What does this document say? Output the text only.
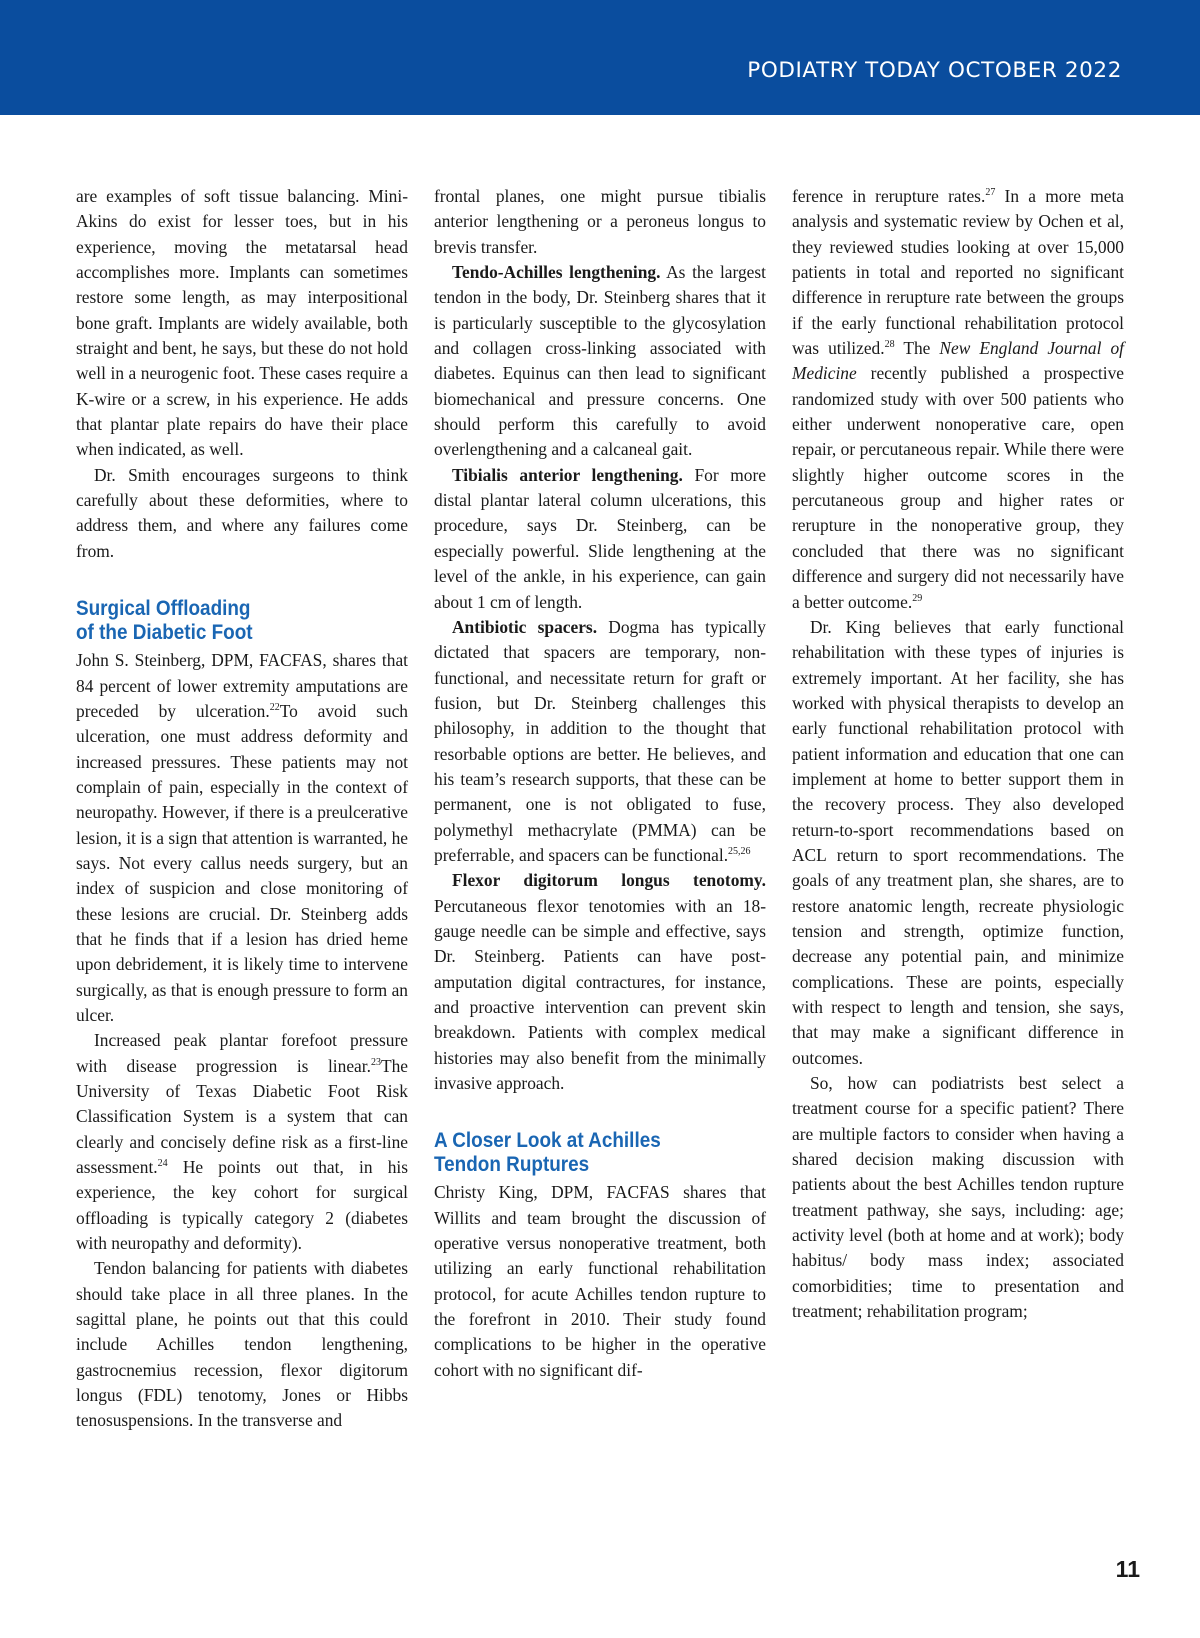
PODIATRY TODAY OCTOBER 2022

are examples of soft tissue balancing. Mini-Akins do exist for lesser toes, but in his experience, moving the metatarsal head accomplishes more. Implants can sometimes restore some length, as may interpositional bone graft. Implants are widely available, both straight and bent, he says, but these do not hold well in a neurogenic foot. These cases require a K-wire or a screw, in his experience. He adds that plantar plate repairs do have their place when indicated, as well.

Dr. Smith encourages surgeons to think carefully about these deformities, where to address them, and where any failures come from.

Surgical Offloading
of the Diabetic Foot

John S. Steinberg, DPM, FACFAS, shares that 84 percent of lower extremity amputations are preceded by ulceration.$^{22}$To avoid such ulceration, one must address deformity and increased pressures. These patients may not complain of pain, especially in the context of neuropathy. However, if there is a preulcerative lesion, it is a sign that attention is warranted, he says. Not every callus needs surgery, but an index of suspicion and close monitoring of these lesions are crucial. Dr. Steinberg adds that he finds that if a lesion has dried heme upon debridement, it is likely time to intervene surgically, as that is enough pressure to form an ulcer.

Increased peak plantar forefoot pressure with disease progression is linear.$^{23}$The University of Texas Diabetic Foot Risk Classification System is a system that can clearly and concisely define risk as a first-line assessment.$^{24}$ He points out that, in his experience, the key cohort for surgical offloading is typically category 2 (diabetes with neuropathy and deformity).

Tendon balancing for patients with diabetes should take place in all three planes. In the sagittal plane, he points out that this could include Achilles tendon lengthening, gastrocnemius recession, flexor digitorum longus (FDL) tenotomy, Jones or Hibbs tenosuspensions. In the transverse and

frontal planes, one might pursue tibialis anterior lengthening or a peroneus longus to brevis transfer.

Tendo-Achilles lengthening. As the largest tendon in the body, Dr. Steinberg shares that it is particularly susceptible to the glycosylation and collagen cross-linking associated with diabetes. Equinus can then lead to significant biomechanical and pressure concerns. One should perform this carefully to avoid overlengthening and a calcaneal gait.

Tibialis anterior lengthening. For more distal plantar lateral column ulcerations, this procedure, says Dr. Steinberg, can be especially powerful. Slide lengthening at the level of the ankle, in his experience, can gain about 1 cm of length.

Antibiotic spacers. Dogma has typically dictated that spacers are temporary, non-functional, and necessitate return for graft or fusion, but Dr. Steinberg challenges this philosophy, in addition to the thought that resorbable options are better. He believes, and his team’s research supports, that these can be permanent, one is not obligated to fuse, polymethyl methacrylate (PMMA) can be preferrable, and spacers can be functional.$^{25,26}$

Flexor digitorum longus tenotomy. Percutaneous flexor tenotomies with an 18-gauge needle can be simple and effective, says Dr. Steinberg. Patients can have post-amputation digital contractures, for instance, and proactive intervention can prevent skin breakdown. Patients with complex medical histories may also benefit from the minimally invasive approach.

A Closer Look at Achilles
Tendon Ruptures

Christy King, DPM, FACFAS shares that Willits and team brought the discussion of operative versus nonoperative treatment, both utilizing an early functional rehabilitation protocol, for acute Achilles tendon rupture to the forefront in 2010. Their study found complications to be higher in the operative cohort with no significant dif-

ference in rerupture rates.$^{27}$ In a more meta analysis and systematic review by Ochen et al, they reviewed studies looking at over 15,000 patients in total and reported no significant difference in rerupture rate between the groups if the early functional rehabilitation protocol was utilized.$^{28}$ The New England Journal of Medicine recently published a prospective randomized study with over 500 patients who either underwent nonoperative care, open repair, or percutaneous repair. While there were slightly higher outcome scores in the percutaneous group and higher rates or rerupture in the nonoperative group, they concluded that there was no significant difference and surgery did not necessarily have a better outcome.$^{29}$

Dr. King believes that early functional rehabilitation with these types of injuries is extremely important. At her facility, she has worked with physical therapists to develop an early functional rehabilitation protocol with patient information and education that one can implement at home to better support them in the recovery process. They also developed return-to-sport recommendations based on ACL return to sport recommendations. The goals of any treatment plan, she shares, are to restore anatomic length, recreate physiologic tension and strength, optimize function, decrease any potential pain, and minimize complications. These are points, especially with respect to length and tension, she says, that may make a significant difference in outcomes.

So, how can podiatrists best select a treatment course for a specific patient? There are multiple factors to consider when having a shared decision making discussion with patients about the best Achilles tendon rupture treatment pathway, she says, including: age; activity level (both at home and at work); body habitus/ body mass index; associated comorbidities; time to presentation and treatment; rehabilitation program;

11
